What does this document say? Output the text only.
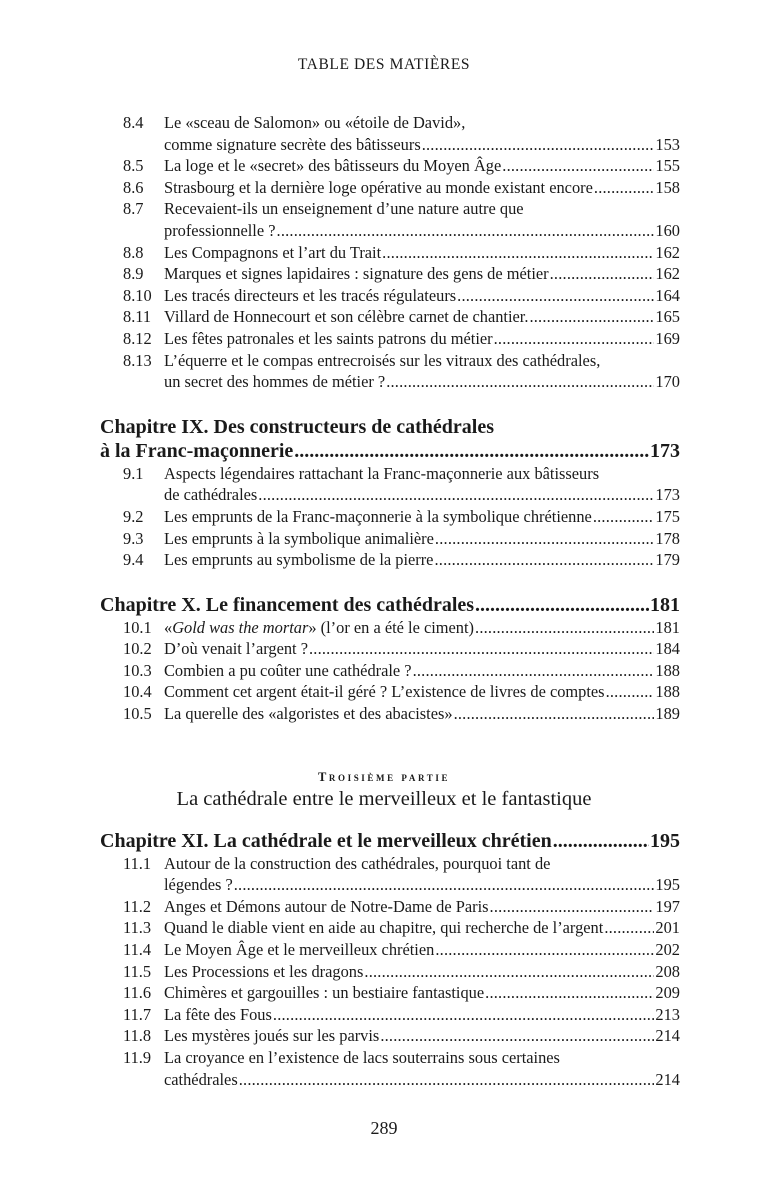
TABLE DES MATIÈRES
8.4	Le «sceau de Salomon» ou «étoile de David»,
comme signature secrète des bâtisseurs .....	153
8.5	La loge et le «secret» des bâtisseurs du Moyen Âge .....	155
8.6	Strasbourg et la dernière loge opérative au monde existant encore .....	158
8.7	Recevaient-ils un enseignement d’une nature autre que
professionnelle ? .....	160
8.8	Les Compagnons et l’art du Trait .....	162
8.9	Marques et signes lapidaires : signature des gens de métier .....	162
8.10 Les tracés directeurs et les tracés régulateurs .....	164
8.11 Villard de Honnecourt et son célèbre carnet de chantier. .....	165
8.12 Les fêtes patronales et les saints patrons du métier .....	169
8.13 L’équerre et le compas entrecroisés sur les vitraux des cathédrales,
un secret des hommes de métier ? .....	170
Chapitre IX. Des constructeurs de cathédrales
à la Franc-maçonnerie .....	173
9.1	Aspects légendaires rattachant la Franc-maçonnerie aux bâtisseurs
de cathédrales .....	173
9.2	Les emprunts de la Franc-maçonnerie à la symbolique chrétienne .....	175
9.3	Les emprunts à la symbolique animalière .....	178
9.4	Les emprunts au symbolisme de la pierre .....	179
Chapitre X. Le financement des cathédrales .....	181
10.1 «Gold was the mortar» (l’or en a été le ciment) .....	181
10.2 D’où venait l’argent ? .....	184
10.3 Combien a pu coûter une cathédrale ? .....	188
10.4 Comment cet argent était-il géré ? L’existence de livres de comptes .....	188
10.5 La querelle des «algoristes et des abacistes» .....	189
Troisième partie
La cathédrale entre le merveilleux et le fantastique
Chapitre XI. La cathédrale et le merveilleux chrétien .....	195
11.1 Autour de la construction des cathédrales, pourquoi tant de
légendes ? .....	195
11.2 Anges et Démons autour de Notre-Dame de Paris .....	197
11.3 Quand le diable vient en aide au chapitre, qui recherche de l’argent .....	201
11.4 Le Moyen Âge et le merveilleux chrétien .....	202
11.5 Les Processions et les dragons .....	208
11.6 Chimères et gargouilles : un bestiaire fantastique .....	209
11.7 La fête des Fous .....	213
11.8 Les mystères joués sur les parvis .....	214
11.9 La croyance en l’existence de lacs souterrains sous certaines
cathédrales .....	214
289
